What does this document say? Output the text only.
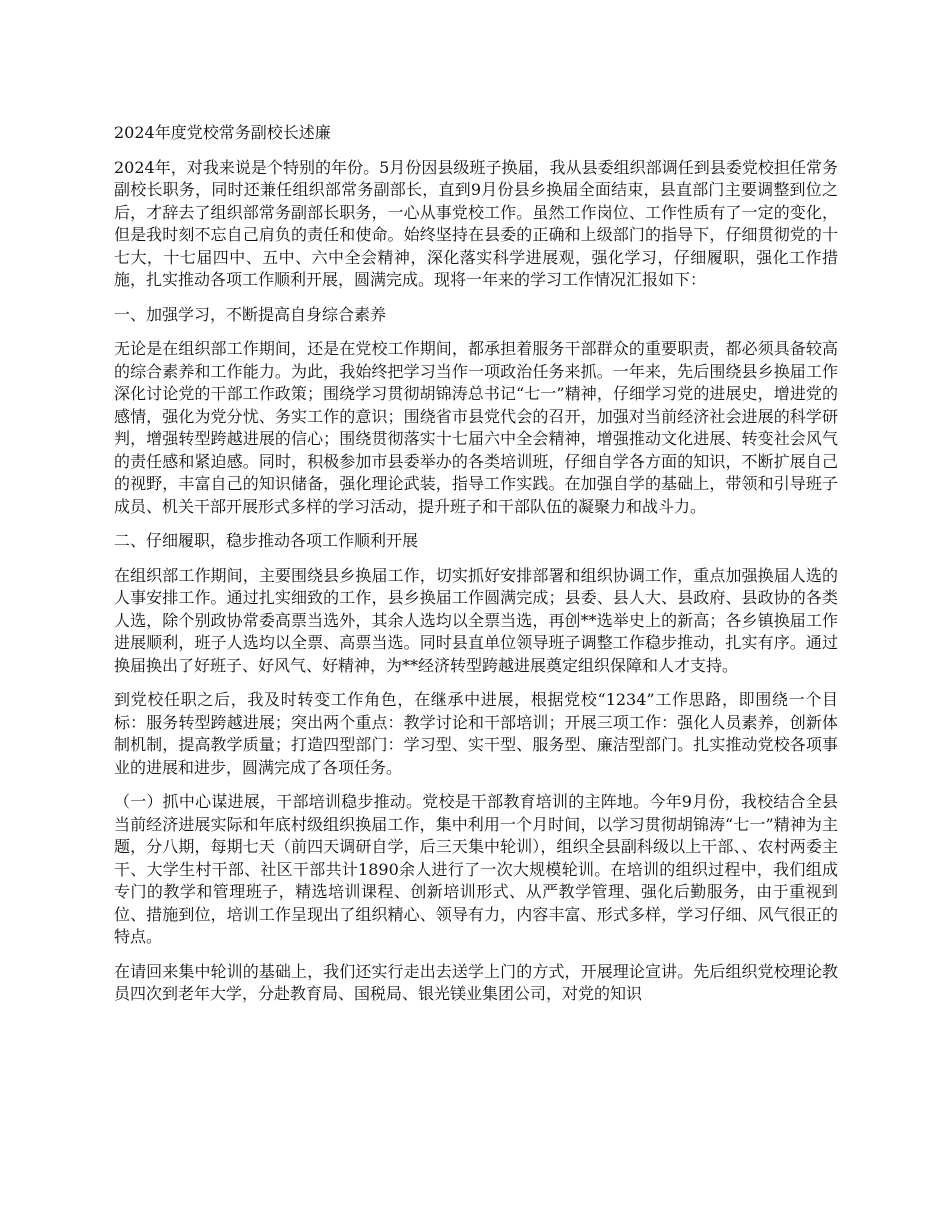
2024年度党校常务副校长述廉

2024年，对我来说是个特别的年份。5月份因县级班子换届，我从县委组织部调任到县委党校担任常务副校长职务，同时还兼任组织部常务副部长，直到9月份县乡换届全面结束，县直部门主要调整到位之后，才辞去了组织部常务副部长职务，一心从事党校工作。虽然工作岗位、工作性质有了一定的变化，但是我时刻不忘自己肩负的责任和使命。始终坚持在县委的正确和上级部门的指导下，仔细贯彻党的十七大，十七届四中、五中、六中全会精神，深化落实科学进展观，强化学习，仔细履职，强化工作措施，扎实推动各项工作顺利开展，圆满完成。现将一年来的学习工作情况汇报如下：

一、加强学习，不断提高自身综合素养

无论是在组织部工作期间，还是在党校工作期间，都承担着服务干部群众的重要职责，都必须具备较高的综合素养和工作能力。为此，我始终把学习当作一项政治任务来抓。一年来，先后围绕县乡换届工作深化讨论党的干部工作政策；围绕学习贯彻胡锦涛总书记“七一”精神，仔细学习党的进展史，增进党的感情，强化为党分忧、务实工作的意识；围绕省市县党代会的召开，加强对当前经济社会进展的科学研判，增强转型跨越进展的信心；围绕贯彻落实十七届六中全会精神，增强推动文化进展、转变社会风气的责任感和紧迫感。同时，积极参加市县委举办的各类培训班，仔细自学各方面的知识，不断扩展自己的视野，丰富自己的知识储备，强化理论武装，指导工作实践。在加强自学的基础上，带领和引导班子成员、机关干部开展形式多样的学习活动，提升班子和干部队伍的凝聚力和战斗力。

二、仔细履职，稳步推动各项工作顺利开展

在组织部工作期间，主要围绕县乡换届工作，切实抓好安排部署和组织协调工作，重点加强换届人选的人事安排工作。通过扎实细致的工作，县乡换届工作圆满完成；县委、县人大、县政府、县政协的各类人选，除个别政协常委高票当选外，其余人选均以全票当选，再创**选举史上的新高；各乡镇换届工作进展顺利，班子人选均以全票、高票当选。同时县直单位领导班子调整工作稳步推动，扎实有序。通过换届换出了好班子、好风气、好精神，为**经济转型跨越进展奠定组织保障和人才支持。

到党校任职之后，我及时转变工作角色，在继承中进展，根据党校“1234”工作思路，即围绕一个目标：服务转型跨越进展；突出两个重点：教学讨论和干部培训；开展三项工作：强化人员素养，创新体制机制，提高教学质量；打造四型部门：学习型、实干型、服务型、廉洁型部门。扎实推动党校各项事业的进展和进步，圆满完成了各项任务。

（一）抓中心谋进展，干部培训稳步推动。党校是干部教育培训的主阵地。今年9月份，我校结合全县当前经济进展实际和年底村级组织换届工作，集中利用一个月时间，以学习贯彻胡锦涛“七一”精神为主题，分八期，每期七天（前四天调研自学，后三天集中轮训），组织全县副科级以上干部、、农村两委主干、大学生村干部、社区干部共计1890余人进行了一次大规模轮训。在培训的组织过程中，我们组成专门的教学和管理班子，精选培训课程、创新培训形式、从严教学管理、强化后勤服务，由于重视到位、措施到位，培训工作呈现出了组织精心、领导有力，内容丰富、形式多样，学习仔细、风气很正的特点。

在请回来集中轮训的基础上，我们还实行走出去送学上门的方式，开展理论宣讲。先后组织党校理论教员四次到老年大学，分赴教育局、国税局、银光镁业集团公司，对党的知识
